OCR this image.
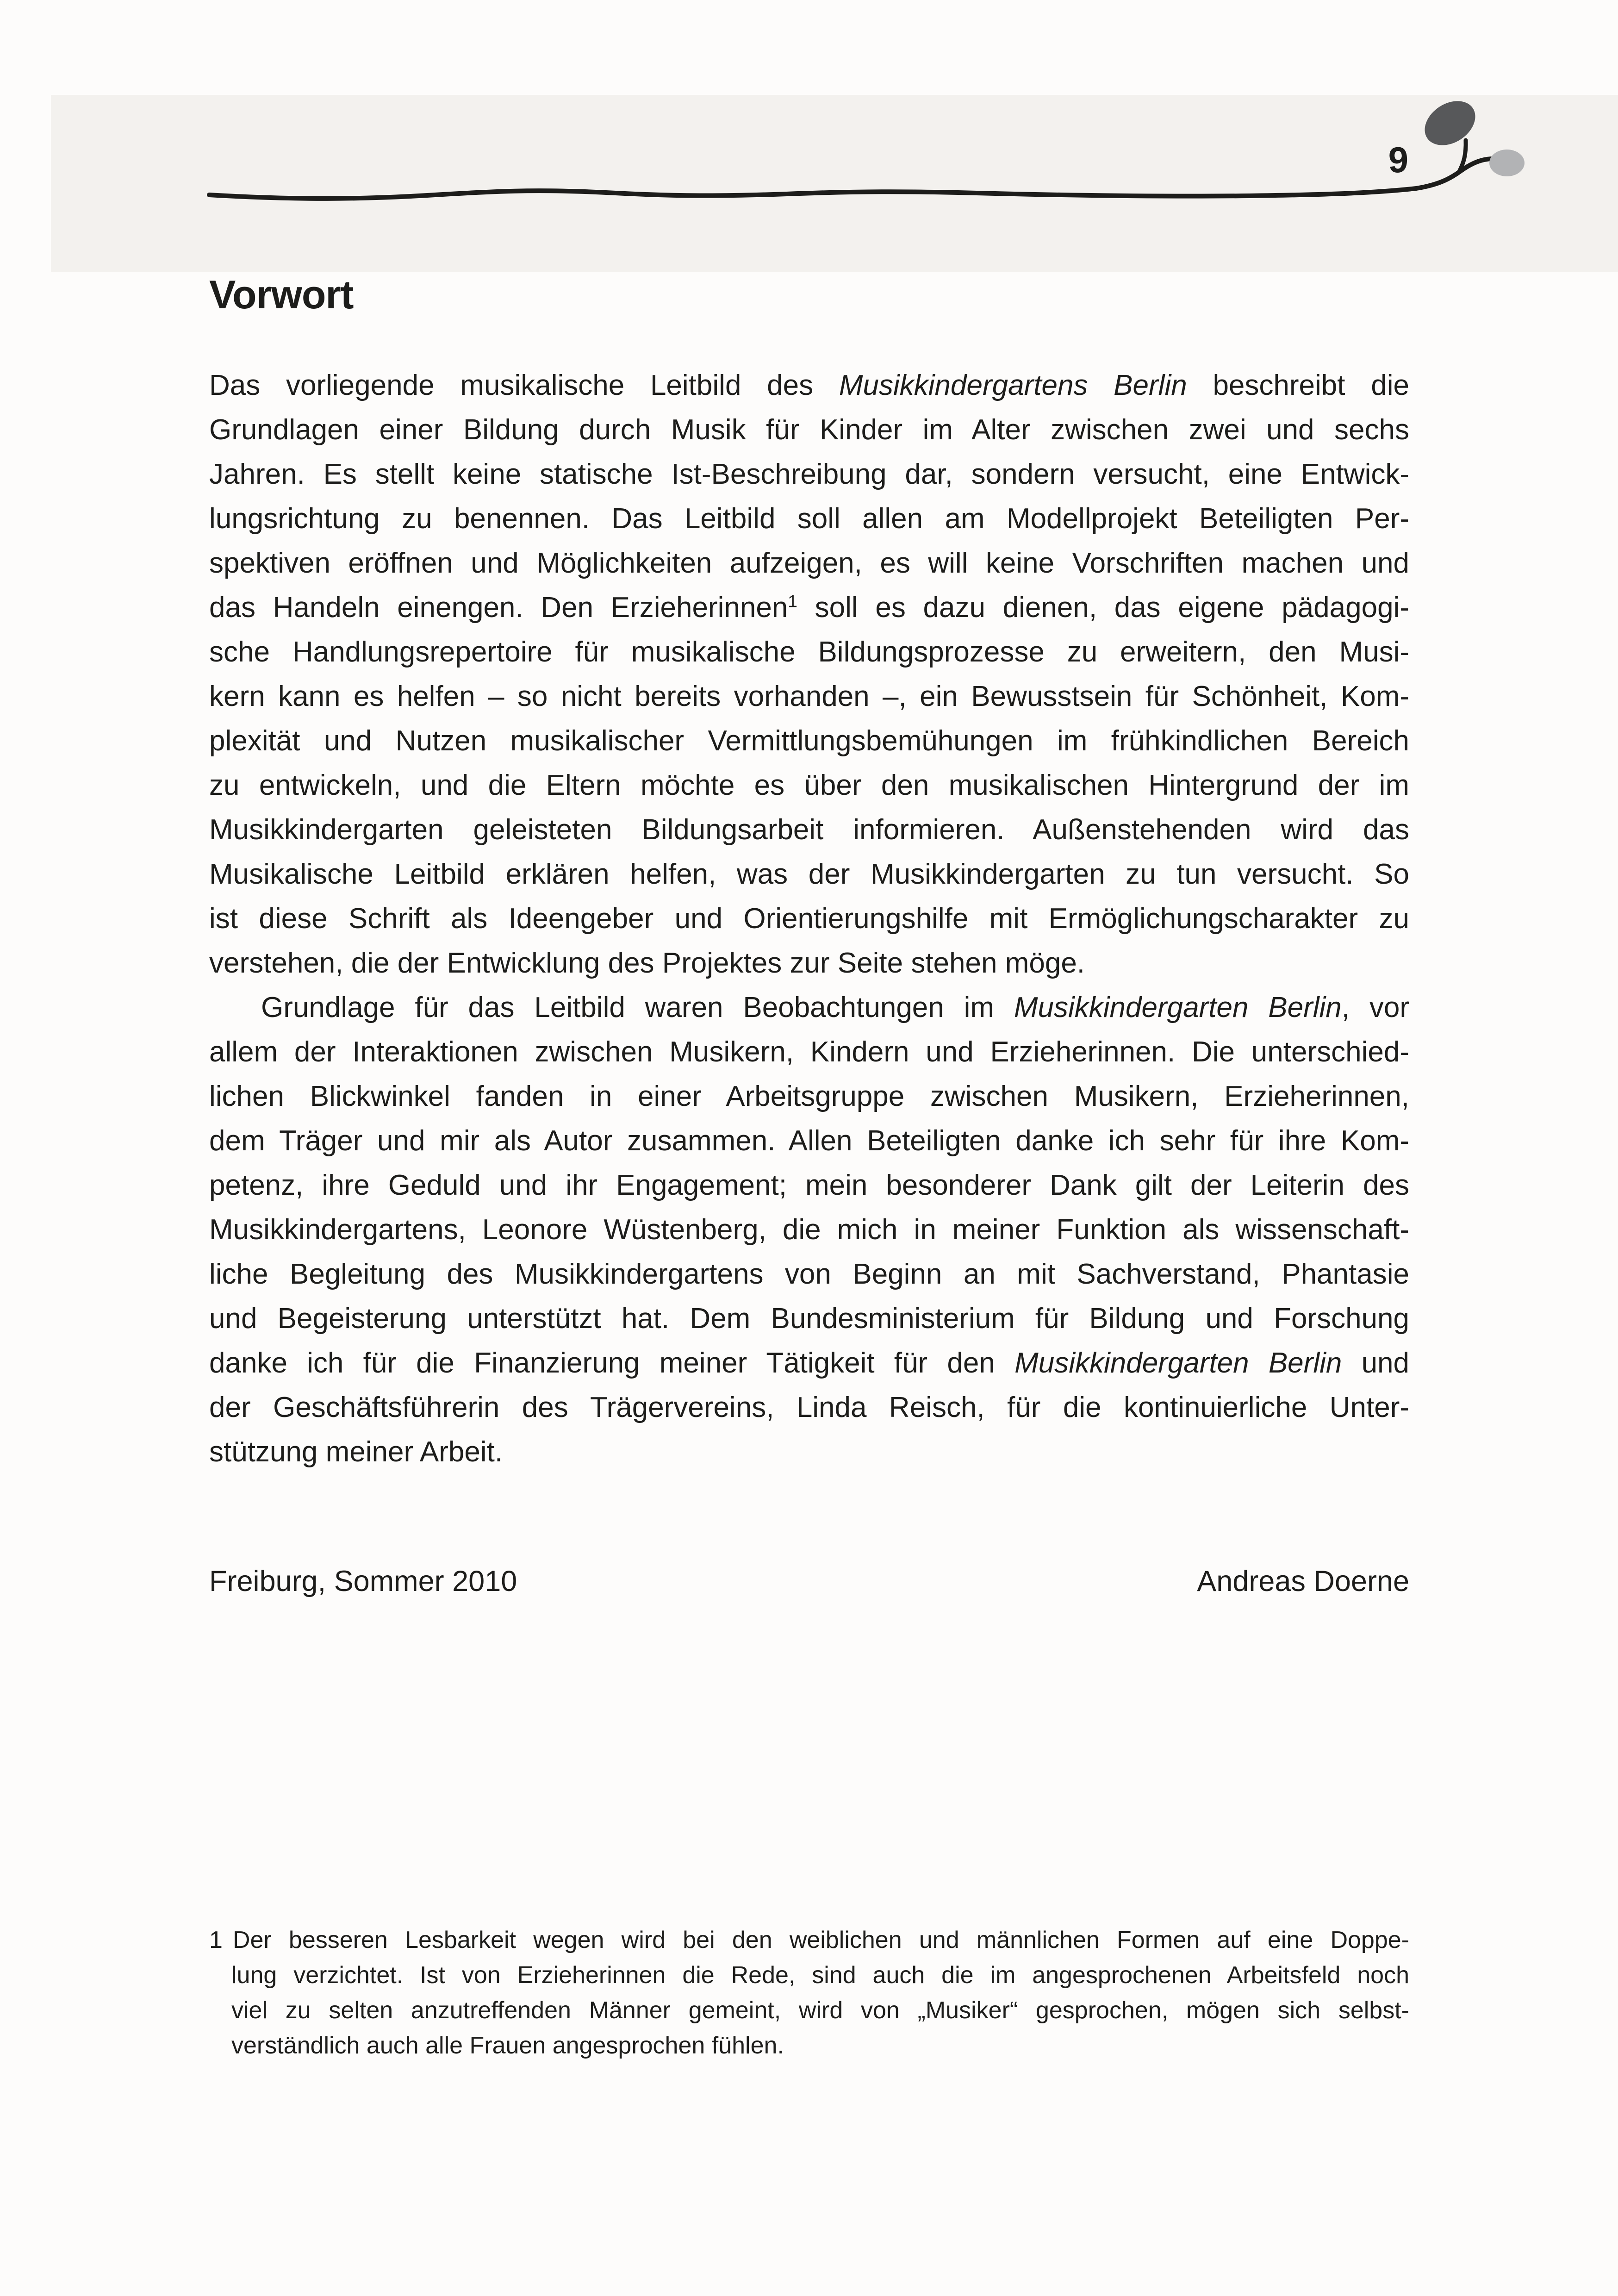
9
Vorwort
Das vorliegende musikalische Leitbild des Musikkindergartens Berlin beschreibt die
Grundlagen einer Bildung durch Musik für Kinder im Alter zwischen zwei und sechs
Jahren. Es stellt keine statische Ist-Beschreibung dar, sondern versucht, eine Entwick-
lungsrichtung zu benennen. Das Leitbild soll allen am Modellprojekt Beteiligten Per-
spektiven eröffnen und Möglichkeiten aufzeigen, es will keine Vorschriften machen und
das Handeln einengen. Den Erzieherinnen$^1$ soll es dazu dienen, das eigene pädagogi-
sche Handlungsrepertoire für musikalische Bildungsprozesse zu erweitern, den Musi-
kern kann es helfen – so nicht bereits vorhanden –, ein Bewusstsein für Schönheit, Kom-
plexität und Nutzen musikalischer Vermittlungsbemühungen im frühkindlichen Bereich
zu entwickeln, und die Eltern möchte es über den musikalischen Hintergrund der im
Musikkindergarten geleisteten Bildungsarbeit informieren. Außenstehenden wird das
Musikalische Leitbild erklären helfen, was der Musikkindergarten zu tun versucht. So
ist diese Schrift als Ideengeber und Orientierungshilfe mit Ermöglichungscharakter zu
verstehen, die der Entwicklung des Projektes zur Seite stehen möge.
Grundlage für das Leitbild waren Beobachtungen im Musikkindergarten Berlin, vor
allem der Interaktionen zwischen Musikern, Kindern und Erzieherinnen. Die unterschied-
lichen Blickwinkel fanden in einer Arbeitsgruppe zwischen Musikern, Erzieherinnen,
dem Träger und mir als Autor zusammen. Allen Beteiligten danke ich sehr für ihre Kom-
petenz, ihre Geduld und ihr Engagement; mein besonderer Dank gilt der Leiterin des
Musikkindergartens, Leonore Wüstenberg, die mich in meiner Funktion als wissenschaft-
liche Begleitung des Musikkindergartens von Beginn an mit Sachverstand, Phantasie
und Begeisterung unterstützt hat. Dem Bundesministerium für Bildung und Forschung
danke ich für die Finanzierung meiner Tätigkeit für den Musikkindergarten Berlin und
der Geschäftsführerin des Trägervereins, Linda Reisch, für die kontinuierliche Unter-
stützung meiner Arbeit.
Freiburg, Sommer 2010	Andreas Doerne
1 Der besseren Lesbarkeit wegen wird bei den weiblichen und männlichen Formen auf eine Doppe-
lung verzichtet. Ist von Erzieherinnen die Rede, sind auch die im angesprochenen Arbeitsfeld noch
viel zu selten anzutreffenden Männer gemeint, wird von „Musiker“ gesprochen, mögen sich selbst-
verständlich auch alle Frauen angesprochen fühlen.
